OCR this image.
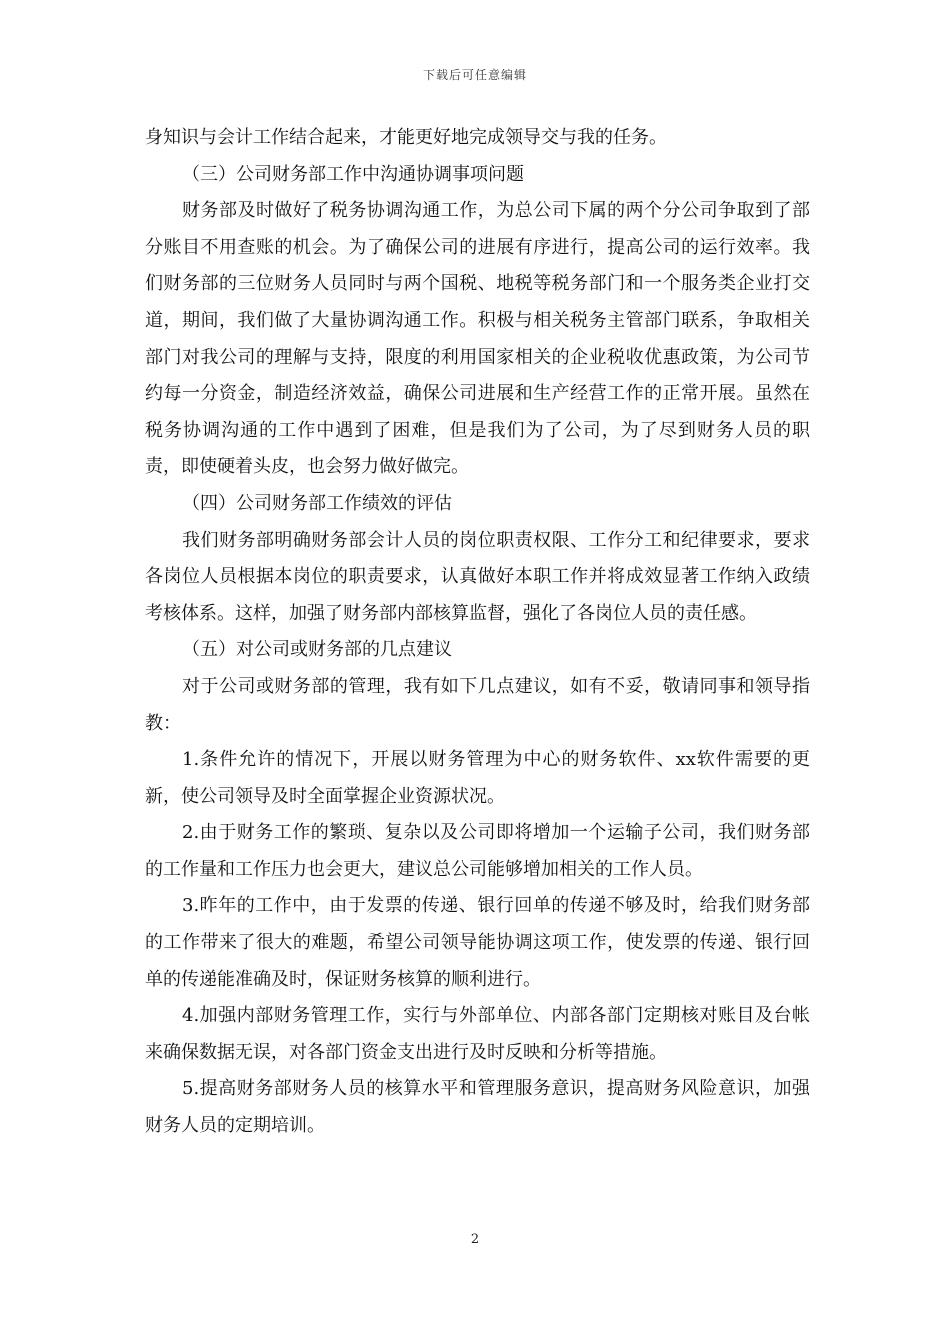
下载后可任意编辑

身知识与会计工作结合起来，才能更好地完成领导交与我的任务。

（三）公司财务部工作中沟通协调事项问题

财务部及时做好了税务协调沟通工作，为总公司下属的两个分公司争取到了部分账目不用查账的机会。为了确保公司的进展有序进行，提高公司的运行效率。我们财务部的三位财务人员同时与两个国税、地税等税务部门和一个服务类企业打交道，期间，我们做了大量协调沟通工作。积极与相关税务主管部门联系，争取相关部门对我公司的理解与支持，限度的利用国家相关的企业税收优惠政策，为公司节约每一分资金，制造经济效益，确保公司进展和生产经营工作的正常开展。虽然在税务协调沟通的工作中遇到了困难，但是我们为了公司，为了尽到财务人员的职责，即使硬着头皮，也会努力做好做完。

（四）公司财务部工作绩效的评估

我们财务部明确财务部会计人员的岗位职责权限、工作分工和纪律要求，要求各岗位人员根据本岗位的职责要求，认真做好本职工作并将成效显著工作纳入政绩考核体系。这样，加强了财务部内部核算监督，强化了各岗位人员的责任感。

（五）对公司或财务部的几点建议

对于公司或财务部的管理，我有如下几点建议，如有不妥，敬请同事和领导指教：

1.条件允许的情况下，开展以财务管理为中心的财务软件、xx软件需要的更新，使公司领导及时全面掌握企业资源状况。

2.由于财务工作的繁琐、复杂以及公司即将增加一个运输子公司，我们财务部的工作量和工作压力也会更大，建议总公司能够增加相关的工作人员。

3.昨年的工作中，由于发票的传递、银行回单的传递不够及时，给我们财务部的工作带来了很大的难题，希望公司领导能协调这项工作，使发票的传递、银行回单的传递能准确及时，保证财务核算的顺利进行。

4.加强内部财务管理工作，实行与外部单位、内部各部门定期核对账目及台帐来确保数据无误，对各部门资金支出进行及时反映和分析等措施。

5.提高财务部财务人员的核算水平和管理服务意识，提高财务风险意识，加强财务人员的定期培训。

2
